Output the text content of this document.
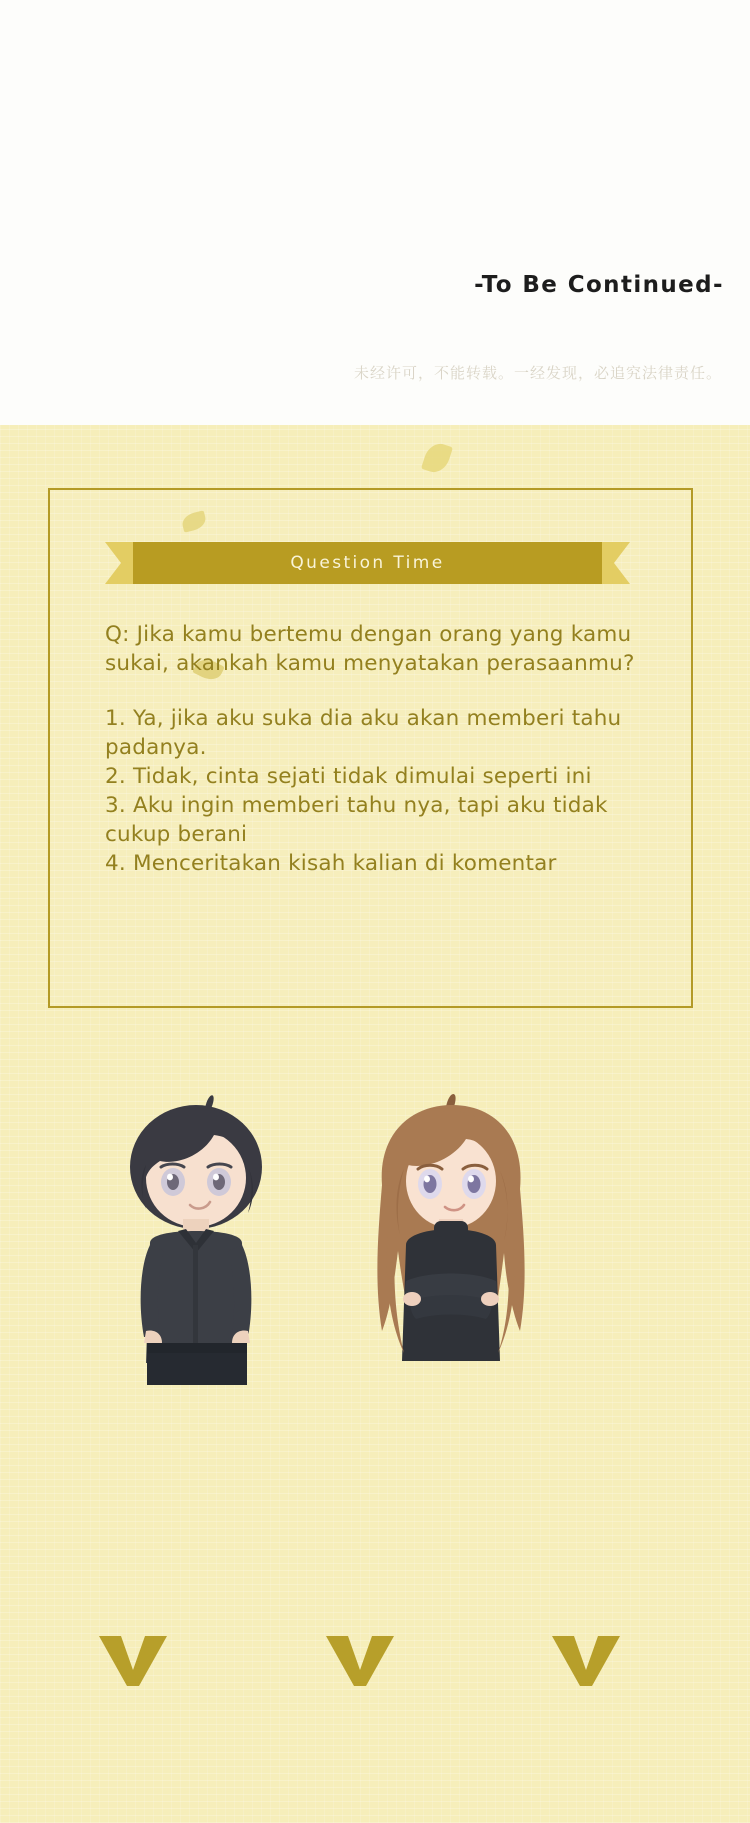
-To Be Continued-
未经许可，不能转载。一经发现，必追究法律责任。
Question Time

Q: Jika kamu bertemu dengan orang yang kamu sukai, akankah kamu menyatakan perasaanmu?

1. Ya, jika aku suka dia aku akan memberi tahu padanya.

2. Tidak, cinta sejati tidak dimulai seperti ini

3. Aku ingin memberi tahu nya, tapi aku tidak cukup berani

4. Menceritakan kisah kalian di komentar
